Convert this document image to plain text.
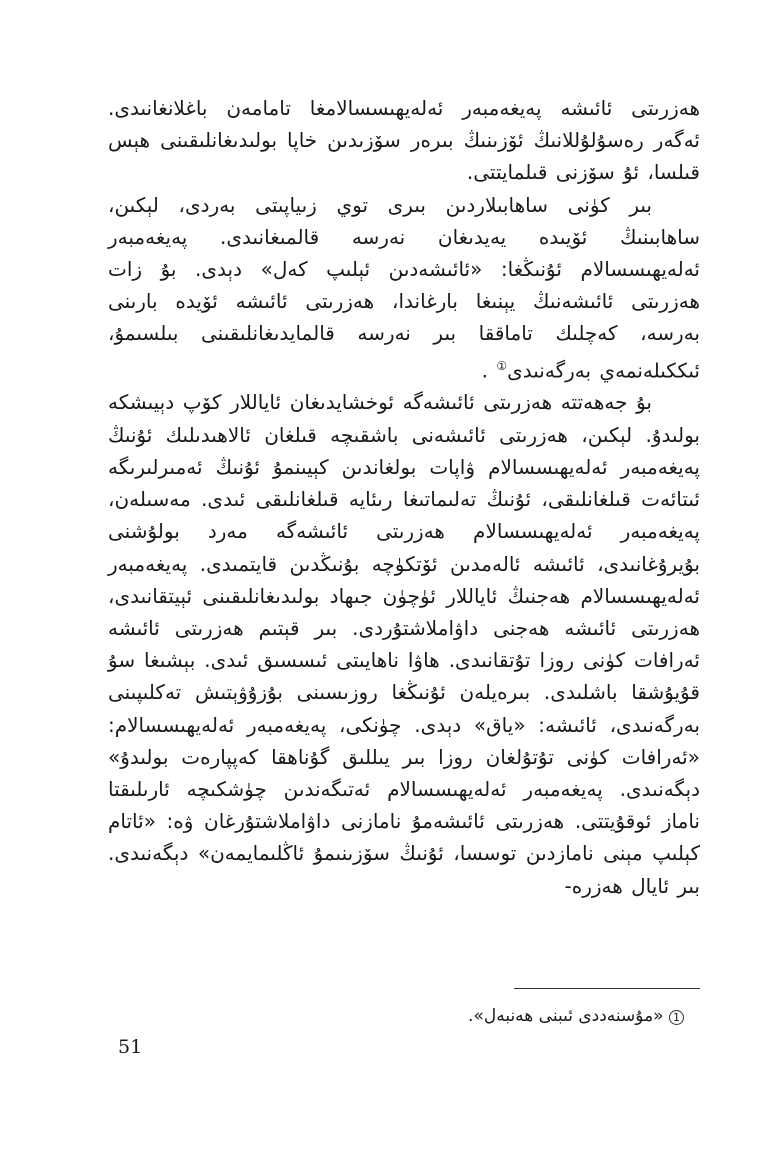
ھەزرىتى ئائىشە پەيغەمبەر ئەلەيھىسسالامغا تامامەن باغلانغانىدى. ئەگەر رەسۇلۇللانىڭ ئۆزىنىڭ بىرەر سۆزىدىن خاپا بولىدىغانلىقىنى ھېس قىلسا، ئۇ سۆزنى قىلمايتتى.

بىر كۈنى ساھابىلاردىن بىرى توي زىياپىتى بەردى، لېكىن، ساھابىنىڭ ئۆيىدە يەيدىغان نەرسە قالمىغانىدى. پەيغەمبەر ئەلەيھىسسالام ئۇنىڭغا: «ئائىشەدىن ئېلىپ كەل» دېدى. بۇ زات ھەزرىتى ئائىشەنىڭ يېنىغا بارغاندا، ھەزرىتى ئائىشە ئۆيدە بارىنى بەرسە، كەچلىك تاماققا بىر نەرسە قالمايدىغانلىقىنى بىلسىمۇ، ئىككىلەنمەي بەرگەنىدى① .

بۇ جەھەتتە ھەزرىتى ئائىشەگە ئوخشايدىغان ئاياللار كۆپ دېيىشكە بولىدۇ. لېكىن، ھەزرىتى ئائىشەنى باشقىچە قىلغان ئالاھىدىلىك ئۇنىڭ پەيغەمبەر ئەلەيھىسسالام ۋاپات بولغاندىن كېيىنمۇ ئۇنىڭ ئەمىرلىرىگە ئىتائەت قىلغانلىقى، ئۇنىڭ تەلىماتىغا رىئايە قىلغانلىقى ئىدى. مەسىلەن، پەيغەمبەر ئەلەيھىسسالام ھەزرىتى ئائىشەگە مەرد بولۇشنى بۇيرۇغانىدى، ئائىشە ئالەمدىن ئۆتكۈچە بۇنىڭدىن قايتمىدى. پەيغەمبەر ئەلەيھىسسالام ھەجنىڭ ئاياللار ئۈچۈن جىھاد بولىدىغانلىقىنى ئېيتقانىدى، ھەزرىتى ئائىشە ھەجنى داۋاملاشتۇردى. بىر قېتىم ھەزرىتى ئائىشە ئەرافات كۈنى روزا تۇتقانىدى. ھاۋا ناھايىتى ئىسسىق ئىدى. بېشىغا سۇ قۇيۇشقا باشلىدى. بىرەيلەن ئۇنىڭغا روزىسىنى بۇزۇۋېتىش تەكلىپىنى بەرگەنىدى، ئائىشە: «ياق» دېدى. چۈنكى، پەيغەمبەر ئەلەيھىسسالام: «ئەرافات كۈنى تۇتۇلغان روزا بىر يىللىق گۇناھقا كەپپارەت بولىدۇ» دېگەنىدى. پەيغەمبەر ئەلەيھىسسالام ئەتىگەندىن چۈشكىچە ئارىلىقتا ناماز ئوقۇيتتى. ھەزرىتى ئائىشەمۇ نامازنى داۋاملاشتۇرغان ۋە: «ئاتام كېلىپ مېنى نامازدىن توسسا، ئۇنىڭ سۆزىنىمۇ ئاڭلىمايمەن» دېگەنىدى. بىر ئايال ھەزرە-

1 «مۇسنەددى ئىبنى ھەنبەل».
51
